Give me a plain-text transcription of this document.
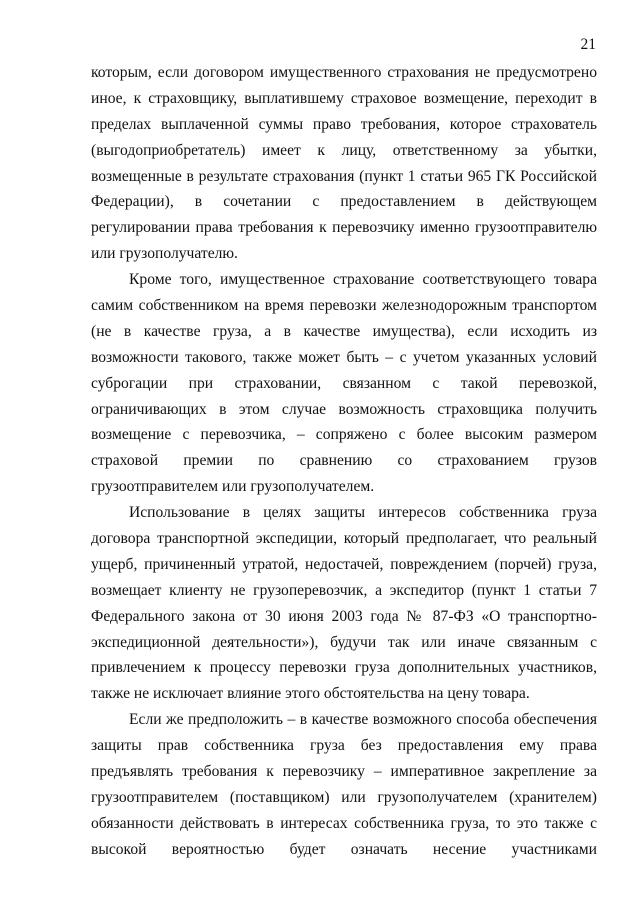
21
которым, если договором имущественного страхования не предусмотрено
иное, к страховщику, выплатившему страховое возмещение, переходит в
пределах выплаченной суммы право требования, которое страхователь
(выгодоприобретатель) имеет к лицу, ответственному за убытки,
возмещенные в результате страхования (пункт 1 статьи 965 ГК Российской
Федерации), в сочетании с предоставлением в действующем
регулировании права требования к перевозчику именно грузоотправителю
или грузополучателю.
Кроме того, имущественное страхование соответствующего товара
самим собственником на время перевозки железнодорожным транспортом
(не в качестве груза, а в качестве имущества), если исходить из
возможности такового, также может быть – с учетом указанных условий
суброгации при страховании, связанном с такой перевозкой,
ограничивающих в этом случае возможность страховщика получить
возмещение с перевозчика, – сопряжено с более высоким размером
страховой премии по сравнению со страхованием грузов
грузоотправителем или грузополучателем.
Использование в целях защиты интересов собственника груза
договора транспортной экспедиции, который предполагает, что реальный
ущерб, причиненный утратой, недостачей, повреждением (порчей) груза,
возмещает клиенту не грузоперевозчик, а экспедитор (пункт 1 статьи 7
Федерального закона от 30 июня 2003 года № 87-ФЗ «О транспортно-
экспедиционной деятельности»), будучи так или иначе связанным с
привлечением к процессу перевозки груза дополнительных участников,
также не исключает влияние этого обстоятельства на цену товара.
Если же предположить – в качестве возможного способа обеспечения
защиты прав собственника груза без предоставления ему права
предъявлять требования к перевозчику – императивное закрепление за
грузоотправителем (поставщиком) или грузополучателем (хранителем)
обязанности действовать в интересах собственника груза, то это также с
высокой вероятностью будет означать несение участниками
